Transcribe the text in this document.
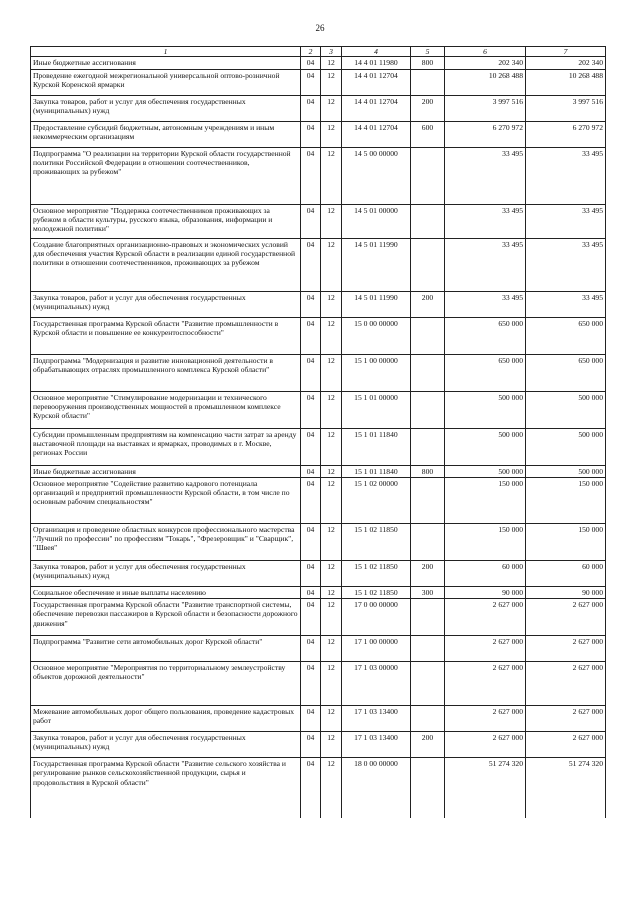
26
1	2	3	4	5	6	7
Иные бюджетные ассигнования	04	12	14 4 01 11980	800	202 340	202 340
Проведение ежегодной межрегиональной универсальной оптово-розничной Курской Коренской ярмарки	04	12	14 4 01 12704		10 268 488	10 268 488
Закупка товаров, работ и услуг для обеспечения государственных (муниципальных) нужд	04	12	14 4 01 12704	200	3 997 516	3 997 516
Предоставление субсидий бюджетным, автономным учреждениям и иным некоммерческим организациям	04	12	14 4 01 12704	600	6 270 972	6 270 972
Подпрограмма "О реализации на территории Курской области государственной политики Российской Федерации в отношении соотечественников, проживающих за рубежом"	04	12	14 5 00 00000		33 495	33 495
Основное мероприятие "Поддержка соотечественников проживающих за рубежом в области культуры, русского языка, образования, информации и молодежной политики"	04	12	14 5 01 00000		33 495	33 495
Создание благоприятных организационно-правовых и экономических условий для обеспечения участия Курской области в реализации единой государственной политики в отношении соотечественников, проживающих за рубежом	04	12	14 5 01 11990		33 495	33 495
Закупка товаров, работ и услуг для обеспечения государственных (муниципальных) нужд	04	12	14 5 01 11990	200	33 495	33 495
Государственная программа Курской области "Развитие промышленности в Курской области и повышение ее конкурентоспособности"	04	12	15 0 00 00000		650 000	650 000
Подпрограмма "Модернизация и развитие инновационной деятельности в обрабатывающих отраслях промышленного комплекса Курской области"	04	12	15 1 00 00000		650 000	650 000
Основное мероприятие "Стимулирование модернизации и технического перевооружения производственных мощностей в промышленном комплексе Курской области"	04	12	15 1 01 00000		500 000	500 000
Субсидии промышленным предприятиям на компенсацию части затрат за аренду выставочной площади на выставках и ярмарках, проводимых в г. Москве, регионах России	04	12	15 1 01 11840		500 000	500 000
Иные бюджетные ассигнования	04	12	15 1 01 11840	800	500 000	500 000
Основное мероприятие "Содействие развитию кадрового потенциала организаций и предприятий промышленности Курской области, в том числе по основным рабочим специальностям"	04	12	15 1 02 00000		150 000	150 000
Организация и проведение областных конкурсов профессионального мастерства "Лучший по профессии" по профессиям "Токарь", "Фрезеровщик" и "Сварщик", "Швея"	04	12	15 1 02 11850		150 000	150 000
Закупка товаров, работ и услуг для обеспечения государственных (муниципальных) нужд	04	12	15 1 02 11850	200	60 000	60 000
Социальное обеспечение и иные выплаты населению	04	12	15 1 02 11850	300	90 000	90 000
Государственная программа Курской области "Развитие транспортной системы, обеспечение перевозки пассажиров в Курской области и безопасности дорожного движения"	04	12	17 0 00 00000		2 627 000	2 627 000
Подпрограмма "Развитие сети автомобильных дорог Курской области"	04	12	17 1 00 00000		2 627 000	2 627 000
Основное мероприятие "Мероприятия по территориальному землеустройству объектов дорожной деятельности"	04	12	17 1 03 00000		2 627 000	2 627 000
Межевание автомобильных дорог общего пользования, проведение кадастровых работ	04	12	17 1 03 13400		2 627 000	2 627 000
Закупка товаров, работ и услуг для обеспечения государственных (муниципальных) нужд	04	12	17 1 03 13400	200	2 627 000	2 627 000
Государственная программа Курской области "Развитие сельского хозяйства и регулирование рынков сельскохозяйственной продукции, сырья и продовольствия в Курской области"	04	12	18 0 00 00000		51 274 320	51 274 320
